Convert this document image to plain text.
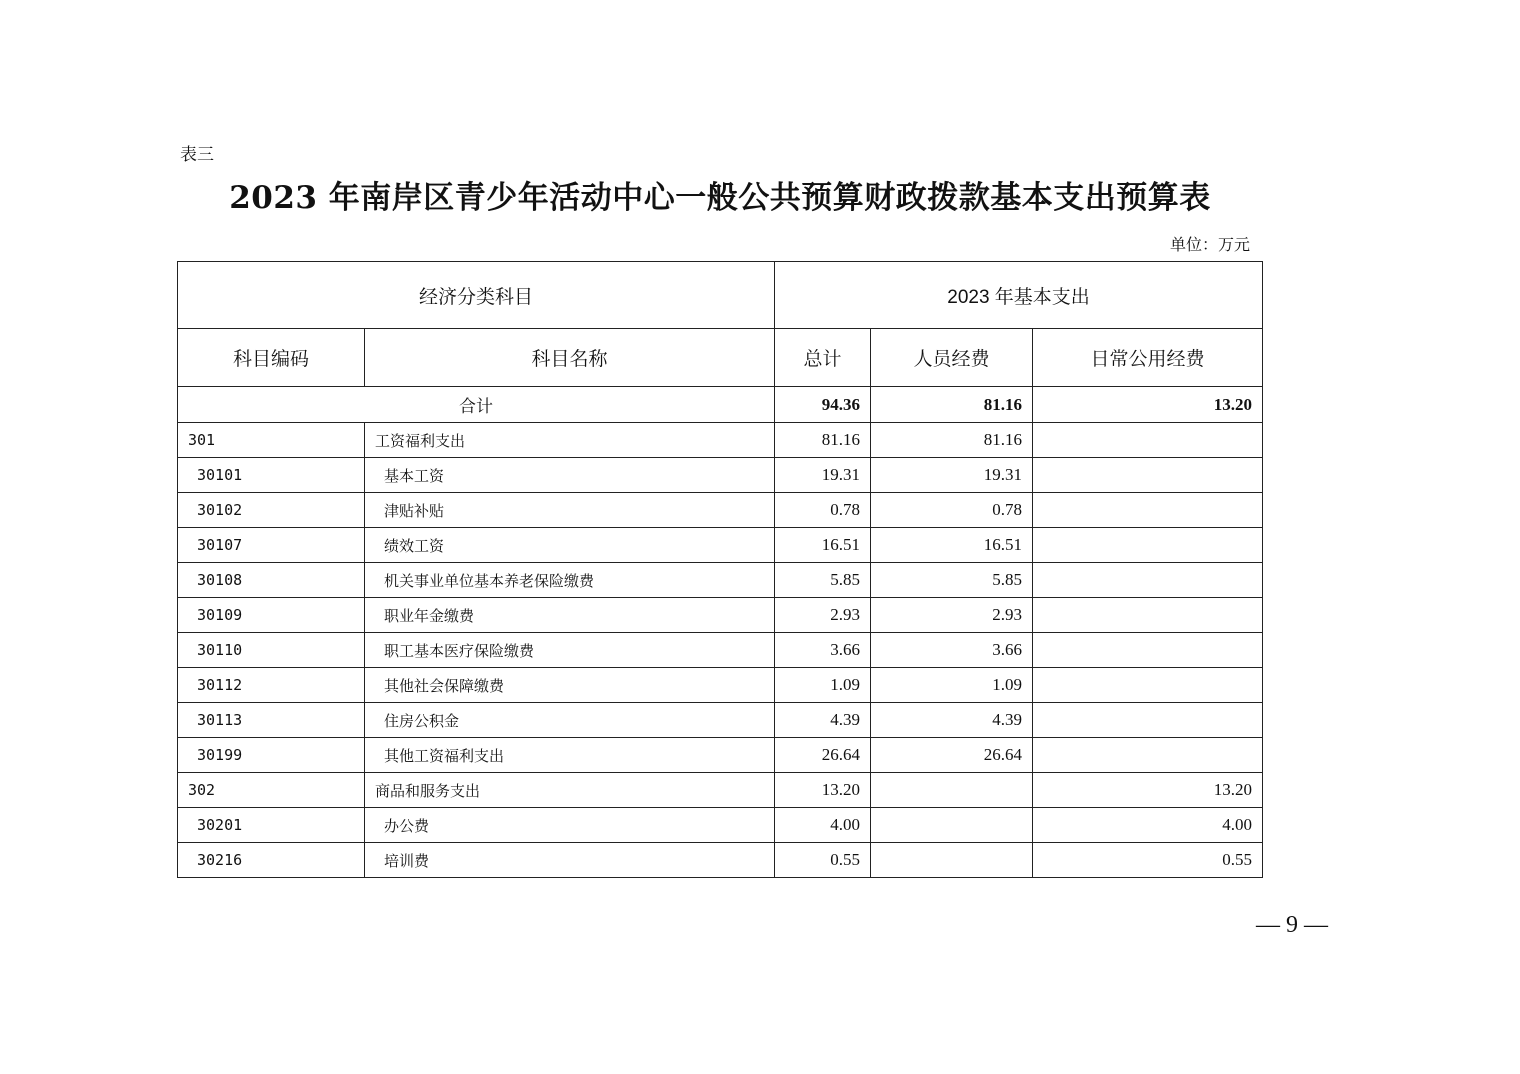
表三
2023 年南岸区青少年活动中心一般公共预算财政拨款基本支出预算表
单位：万元
经济分类科目		2023 年基本支出		
科目编码	科目名称	总计	人员经费	日常公用经费
合计		94.36	81.16	13.20
301	工资福利支出	81.16	81.16	
30101	基本工资	19.31	19.31	
30102	津贴补贴	0.78	0.78	
30107	绩效工资	16.51	16.51	
30108	机关事业单位基本养老保险缴费	5.85	5.85	
30109	职业年金缴费	2.93	2.93	
30110	职工基本医疗保险缴费	3.66	3.66	
30112	其他社会保障缴费	1.09	1.09	
30113	住房公积金	4.39	4.39	
30199	其他工资福利支出	26.64	26.64	
302	商品和服务支出	13.20		13.20
30201	办公费	4.00		4.00
30216	培训费	0.55		0.55
— 9 —
